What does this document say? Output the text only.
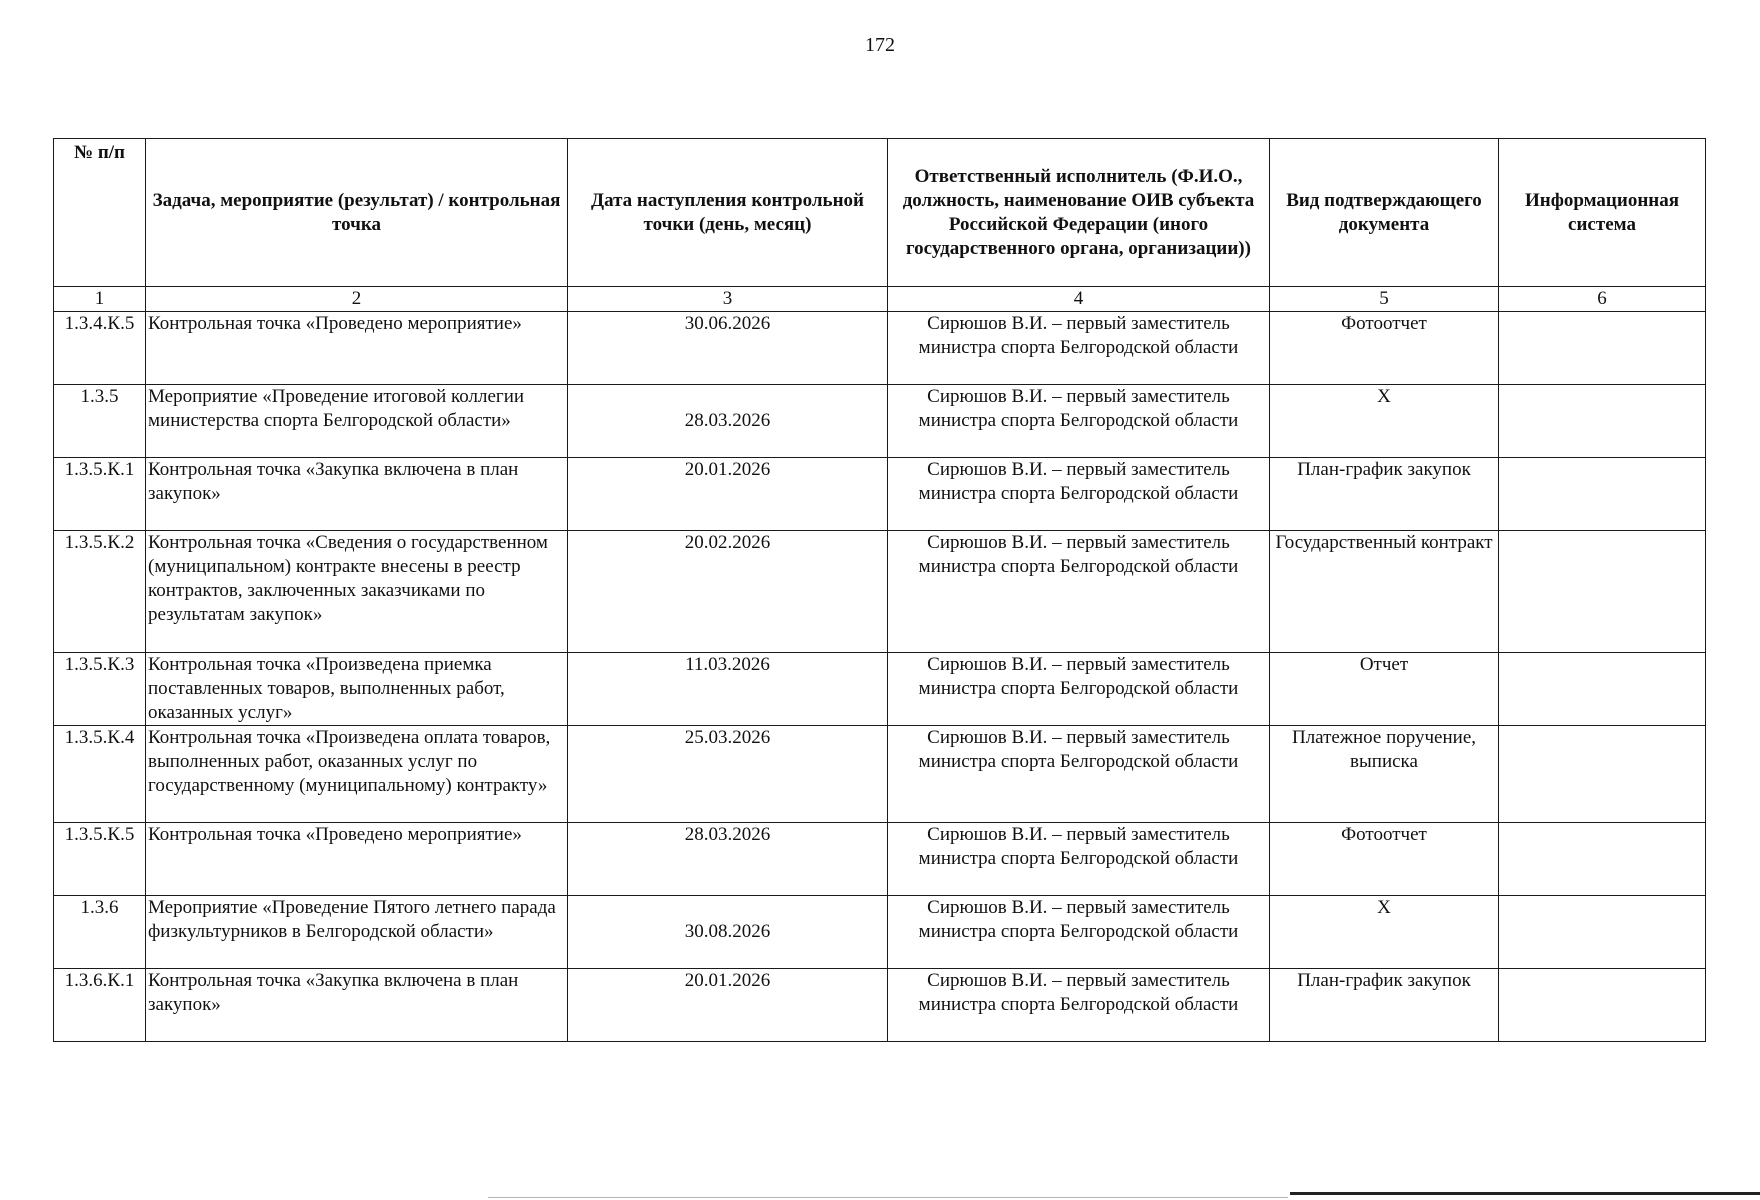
172
№ п/п	Задача, мероприятие (результат) / контрольная точка	Дата наступления контрольной точки (день, месяц)	Ответственный исполнитель (Ф.И.О., должность, наименование ОИВ субъекта Российской Федерации (иного государственного органа, организации))	Вид подтверждающего документа	Информационная система
1	2	3	4	5	6
1.3.4.К.5	Контрольная точка «Проведено мероприятие»	30.06.2026	Сирюшов В.И. – первый заместитель министра спорта Белгородской области	Фотоотчет	
1.3.5	Мероприятие «Проведение итоговой коллегии министерства спорта Белгородской области»	28.03.2026	Сирюшов В.И. – первый заместитель министра спорта Белгородской области	X	
1.3.5.К.1	Контрольная точка «Закупка включена в план закупок»	20.01.2026	Сирюшов В.И. – первый заместитель министра спорта Белгородской области	План-график закупок	
1.3.5.К.2	Контрольная точка «Сведения о государственном (муниципальном) контракте внесены в реестр контрактов, заключенных заказчиками по результатам закупок»	20.02.2026	Сирюшов В.И. – первый заместитель министра спорта Белгородской области	Государственный контракт	
1.3.5.К.3	Контрольная точка «Произведена приемка поставленных товаров, выполненных работ, оказанных услуг»	11.03.2026	Сирюшов В.И. – первый заместитель министра спорта Белгородской области	Отчет	
1.3.5.К.4	Контрольная точка «Произведена оплата товаров, выполненных работ, оказанных услуг по государственному (муниципальному) контракту»	25.03.2026	Сирюшов В.И. – первый заместитель министра спорта Белгородской области	Платежное поручение, выписка	
1.3.5.К.5	Контрольная точка «Проведено мероприятие»	28.03.2026	Сирюшов В.И. – первый заместитель министра спорта Белгородской области	Фотоотчет	
1.3.6	Мероприятие «Проведение Пятого летнего парада физкультурников в Белгородской области»	30.08.2026	Сирюшов В.И. – первый заместитель министра спорта Белгородской области	X	
1.3.6.К.1	Контрольная точка «Закупка включена в план закупок»	20.01.2026	Сирюшов В.И. – первый заместитель министра спорта Белгородской области	План-график закупок	
